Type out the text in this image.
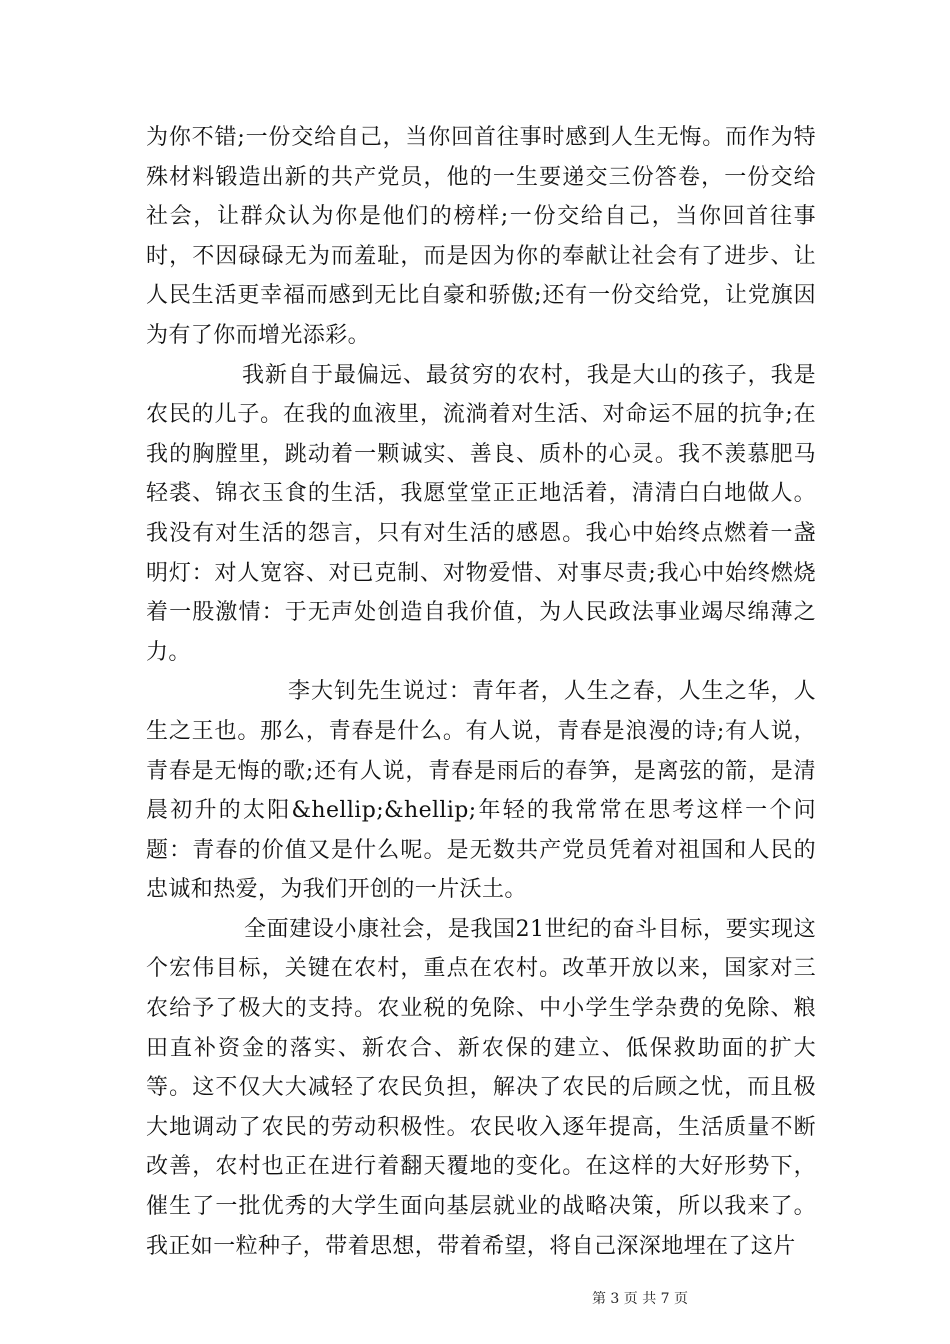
为你不错;一份交给自己，当你回首往事时感到人生无悔。而作为特殊材料锻造出新的共产党员，他的一生要递交三份答卷，一份交给社会，让群众认为你是他们的榜样;一份交给自己，当你回首往事时，不因碌碌无为而羞耻，而是因为你的奉献让社会有了进步、让人民生活更幸福而感到无比自豪和骄傲;还有一份交给党，让党旗因为有了你而增光添彩。

我新自于最偏远、最贫穷的农村，我是大山的孩子，我是农民的儿子。在我的血液里，流淌着对生活、对命运不屈的抗争;在我的胸膛里，跳动着一颗诚实、善良、质朴的心灵。我不羡慕肥马轻裘、锦衣玉食的生活，我愿堂堂正正地活着，清清白白地做人。我没有对生活的怨言，只有对生活的感恩。我心中始终点燃着一盏明灯：对人宽容、对已克制、对物爱惜、对事尽责;我心中始终燃烧着一股激情：于无声处创造自我价值，为人民政法事业竭尽绵薄之力。

李大钊先生说过：青年者，人生之春，人生之华，人生之王也。那么，青春是什么。有人说，青春是浪漫的诗;有人说，青春是无悔的歌;还有人说，青春是雨后的春笋，是离弦的箭，是清晨初升的太阳&hellip;&hellip;年轻的我常常在思考这样一个问题：青春的价值又是什么呢。是无数共产党员凭着对祖国和人民的忠诚和热爱，为我们开创的一片沃土。

全面建设小康社会，是我国21世纪的奋斗目标，要实现这个宏伟目标，关键在农村，重点在农村。改革开放以来，国家对三农给予了极大的支持。农业税的免除、中小学生学杂费的免除、粮田直补资金的落实、新农合、新农保的建立、低保救助面的扩大等。这不仅大大减轻了农民负担，解决了农民的后顾之忧，而且极大地调动了农民的劳动积极性。农民收入逐年提高，生活质量不断改善，农村也正在进行着翻天覆地的变化。在这样的大好形势下，催生了一批优秀的大学生面向基层就业的战略决策，所以我来了。我正如一粒种子，带着思想，带着希望，将自己深深地埋在了这片

第 3 页 共 7 页
